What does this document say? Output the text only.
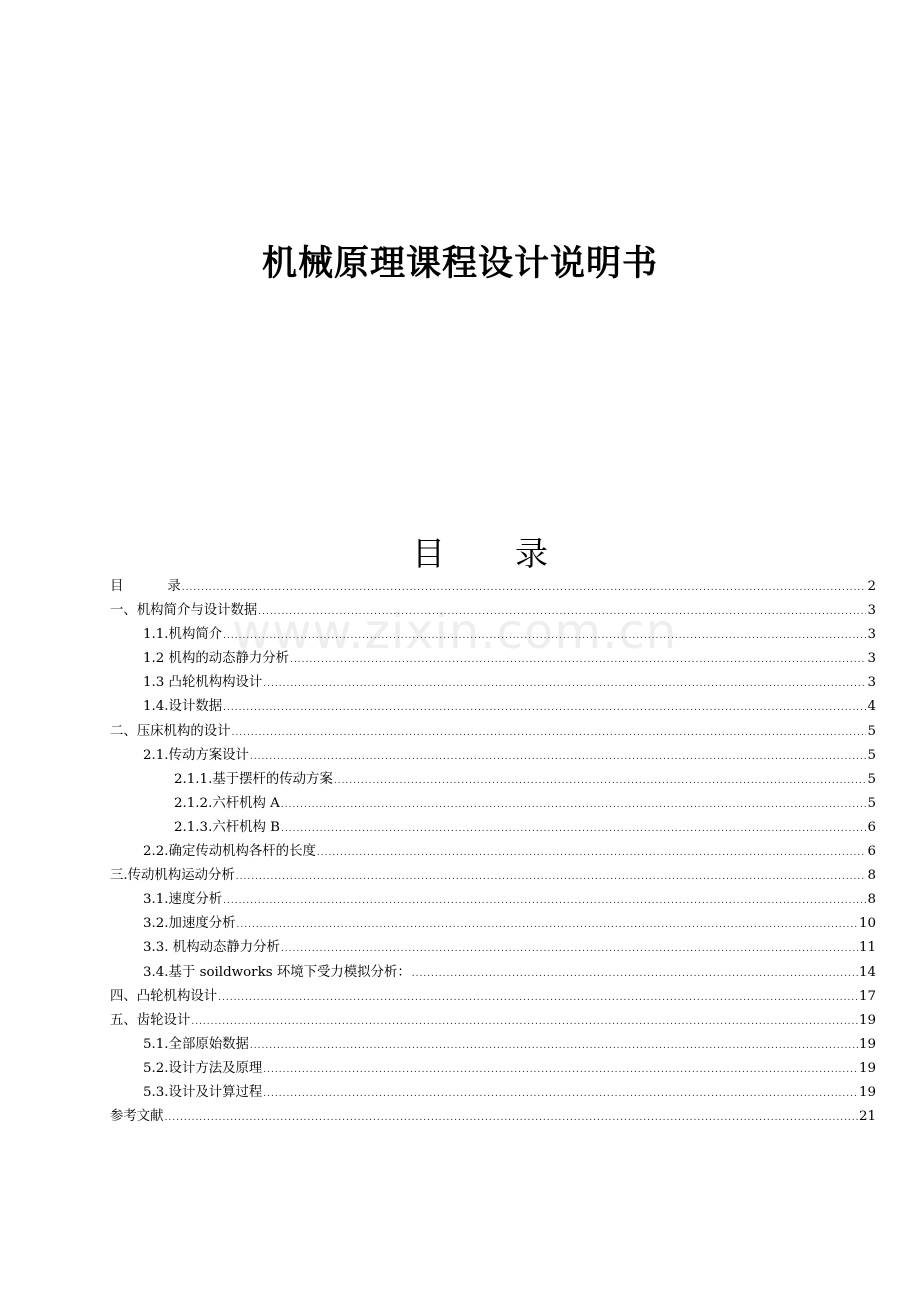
机械原理课程设计说明书
目 录
www.zixin.com.cn
目	录 .....	2
一、机构简介与设计数据 .....	3
1.1.机构简介 .....	3
1.2 机构的动态静力分析 .....	3
1.3 凸轮机构构设计 .....	3
1.4.设计数据 .....	4
二、压床机构的设计 .....	5
2.1.传动方案设计 .....	5
2.1.1.基于摆杆的传动方案 .....	5
2.1.2.六杆机构 A .....	5
2.1.3.六杆机构 B .....	6
2.2.确定传动机构各杆的长度 .....	6
三.传动机构运动分析 .....	8
3.1.速度分析 .....	8
3.2.加速度分析 .....	10
3.3. 机构动态静力分析 .....	11
3.4.基于 soildworks 环境下受力模拟分析： .....	14
四、凸轮机构设计 .....	17
五、齿轮设计 .....	19
5.1.全部原始数据 .....	19
5.2.设计方法及原理 .....	19
5.3.设计及计算过程 .....	19
参考文献 .....	21
